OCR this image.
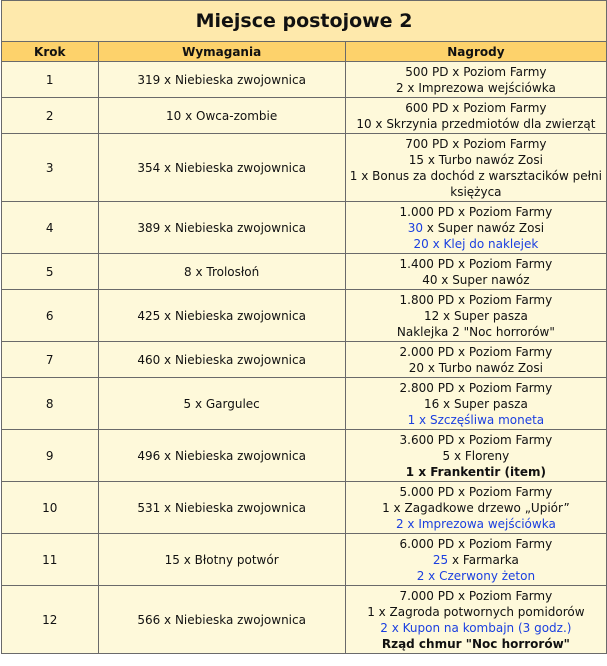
Miejsce postojowe 2		
Krok	Wymagania	Nagrody
1	319 x Niebieska zwojownica	500 PD x Poziom Farmy
2 x Imprezowa wejściówka

2	10 x Owca-zombie	600 PD x Poziom Farmy
10 x Skrzynia przedmiotów dla zwierząt

3	354 x Niebieska zwojownica	700 PD x Poziom Farmy
15 x Turbo nawóz Zosi
1 x Bonus za dochód z warsztacików pełni
księżyca

4	389 x Niebieska zwojownica	1.000 PD x Poziom Farmy
30 x Super nawóz Zosi
20 x Klej do naklejek

5	8 x Trolosłoń	1.400 PD x Poziom Farmy
40 x Super nawóz

6	425 x Niebieska zwojownica	1.800 PD x Poziom Farmy
12 x Super pasza
Naklejka 2 "Noc horrorów"

7	460 x Niebieska zwojownica	2.000 PD x Poziom Farmy
20 x Turbo nawóz Zosi

8	5 x Gargulec	2.800 PD x Poziom Farmy
16 x Super pasza
1 x Szczęśliwa moneta

9	496 x Niebieska zwojownica	3.600 PD x Poziom Farmy
5 x Floreny
1 x Frankentir (item)

10	531 x Niebieska zwojownica	5.000 PD x Poziom Farmy
1 x Zagadkowe drzewo „Upiór”
2 x Imprezowa wejściówka

11	15 x Błotny potwór	6.000 PD x Poziom Farmy
25 x Farmarka
2 x Czerwony żeton

12	566 x Niebieska zwojownica	7.000 PD x Poziom Farmy
1 x Zagroda potwornych pomidorów
2 x Kupon na kombajn (3 godz.)
Rząd chmur "Noc horrorów"
